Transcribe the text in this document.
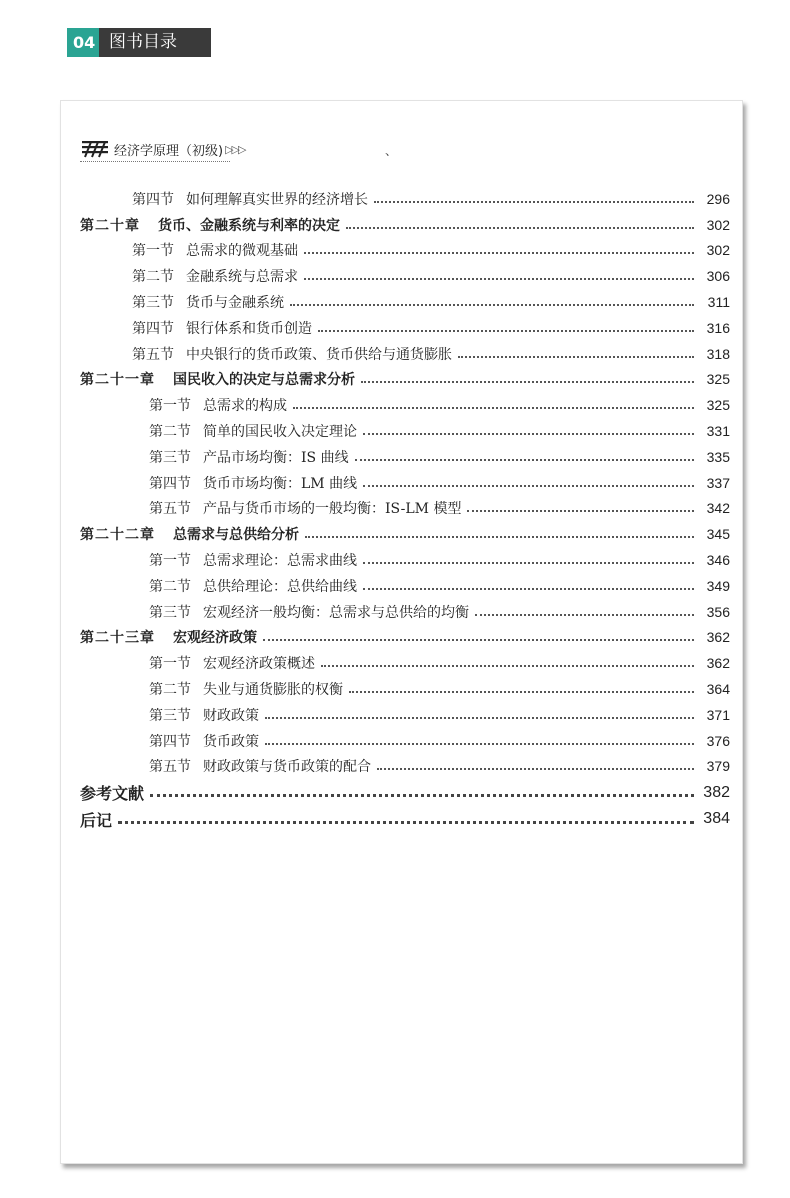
04 图书目录
经济学原理（初级) ▷▷▷	、
第四节 如何理解真实世界的经济增长	296
第二十章 货币、金融系统与利率的决定	302
第一节 总需求的微观基础	302
第二节 金融系统与总需求	306
第三节 货币与金融系统	311
第四节 银行体系和货币创造	316
第五节 中央银行的货币政策、货币供给与通货膨胀	318
第二十一章 国民收入的决定与总需求分析	325
第一节 总需求的构成	325
第二节 简单的国民收入决定理论	331
第三节 产品市场均衡：IS 曲线	335
第四节 货币市场均衡：LM 曲线	337
第五节 产品与货币市场的一般均衡：IS-LM 模型	342
第二十二章 总需求与总供给分析	345
第一节 总需求理论：总需求曲线	346
第二节 总供给理论：总供给曲线	349
第三节 宏观经济一般均衡：总需求与总供给的均衡	356
第二十三章 宏观经济政策	362
第一节 宏观经济政策概述	362
第二节 失业与通货膨胀的权衡	364
第三节 财政政策	371
第四节 货币政策	376
第五节 财政政策与货币政策的配合	379
参考文献	382
后记	384
